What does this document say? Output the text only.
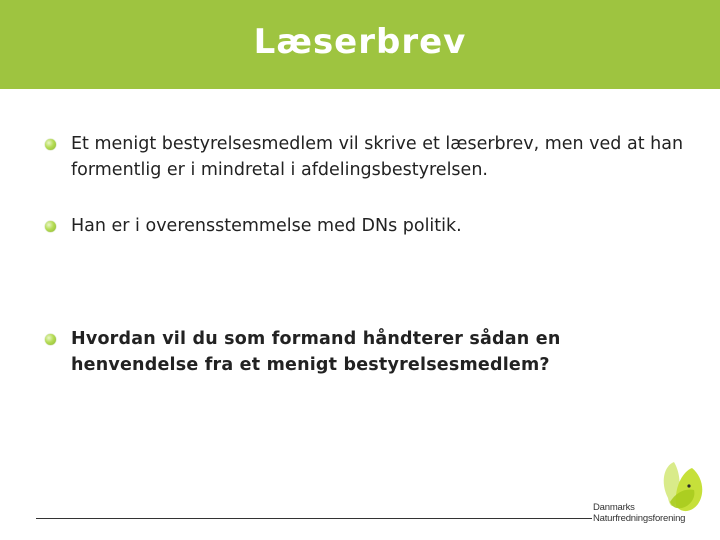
Læserbrev
Et menigt bestyrelsesmedlem vil skrive et læserbrev, men ved at han formentlig er i mindretal i afdelingsbestyrelsen.
Han er i overensstemmelse med DNs politik.
Hvordan vil du som formand håndterer sådan en henvendelse fra et menigt bestyrelsesmedlem?
Danmarks
Naturfredningsforening
